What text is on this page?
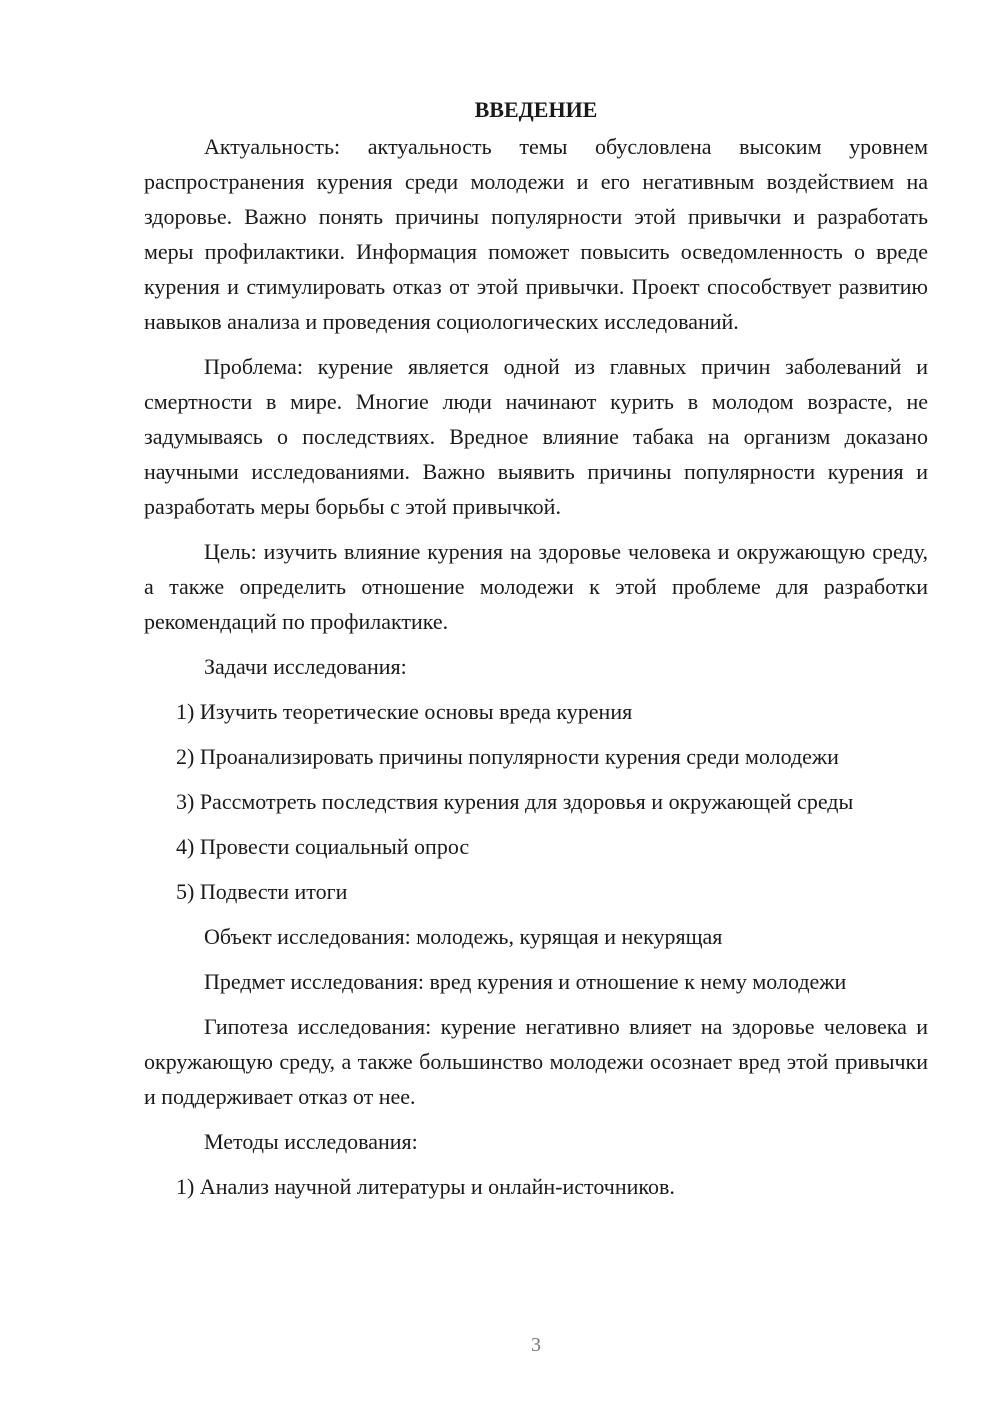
ВВЕДЕНИЕ

Актуальность: актуальность темы обусловлена высоким уровнем распространения курения среди молодежи и его негативным воздействием на здоровье. Важно понять причины популярности этой привычки и разработать меры профилактики. Информация поможет повысить осведомленность о вреде курения и стимулировать отказ от этой привычки. Проект способствует развитию навыков анализа и проведения социологических исследований.

Проблема: курение является одной из главных причин заболеваний и смертности в мире. Многие люди начинают курить в молодом возрасте, не задумываясь о последствиях. Вредное влияние табака на организм доказано научными исследованиями. Важно выявить причины популярности курения и разработать меры борьбы с этой привычкой.

Цель: изучить влияние курения на здоровье человека и окружающую среду, а также определить отношение молодежи к этой проблеме для разработки рекомендаций по профилактике.

Задачи исследования:

1) Изучить теоретические основы вреда курения

2) Проанализировать причины популярности курения среди молодежи

3) Рассмотреть последствия курения для здоровья и окружающей среды

4) Провести социальный опрос

5) Подвести итоги

Объект исследования: молодежь, курящая и некурящая

Предмет исследования: вред курения и отношение к нему молодежи

Гипотеза исследования: курение негативно влияет на здоровье человека и окружающую среду, а также большинство молодежи осознает вред этой привычки и поддерживает отказ от нее.

Методы исследования:

1) Анализ научной литературы и онлайн-источников.

3
